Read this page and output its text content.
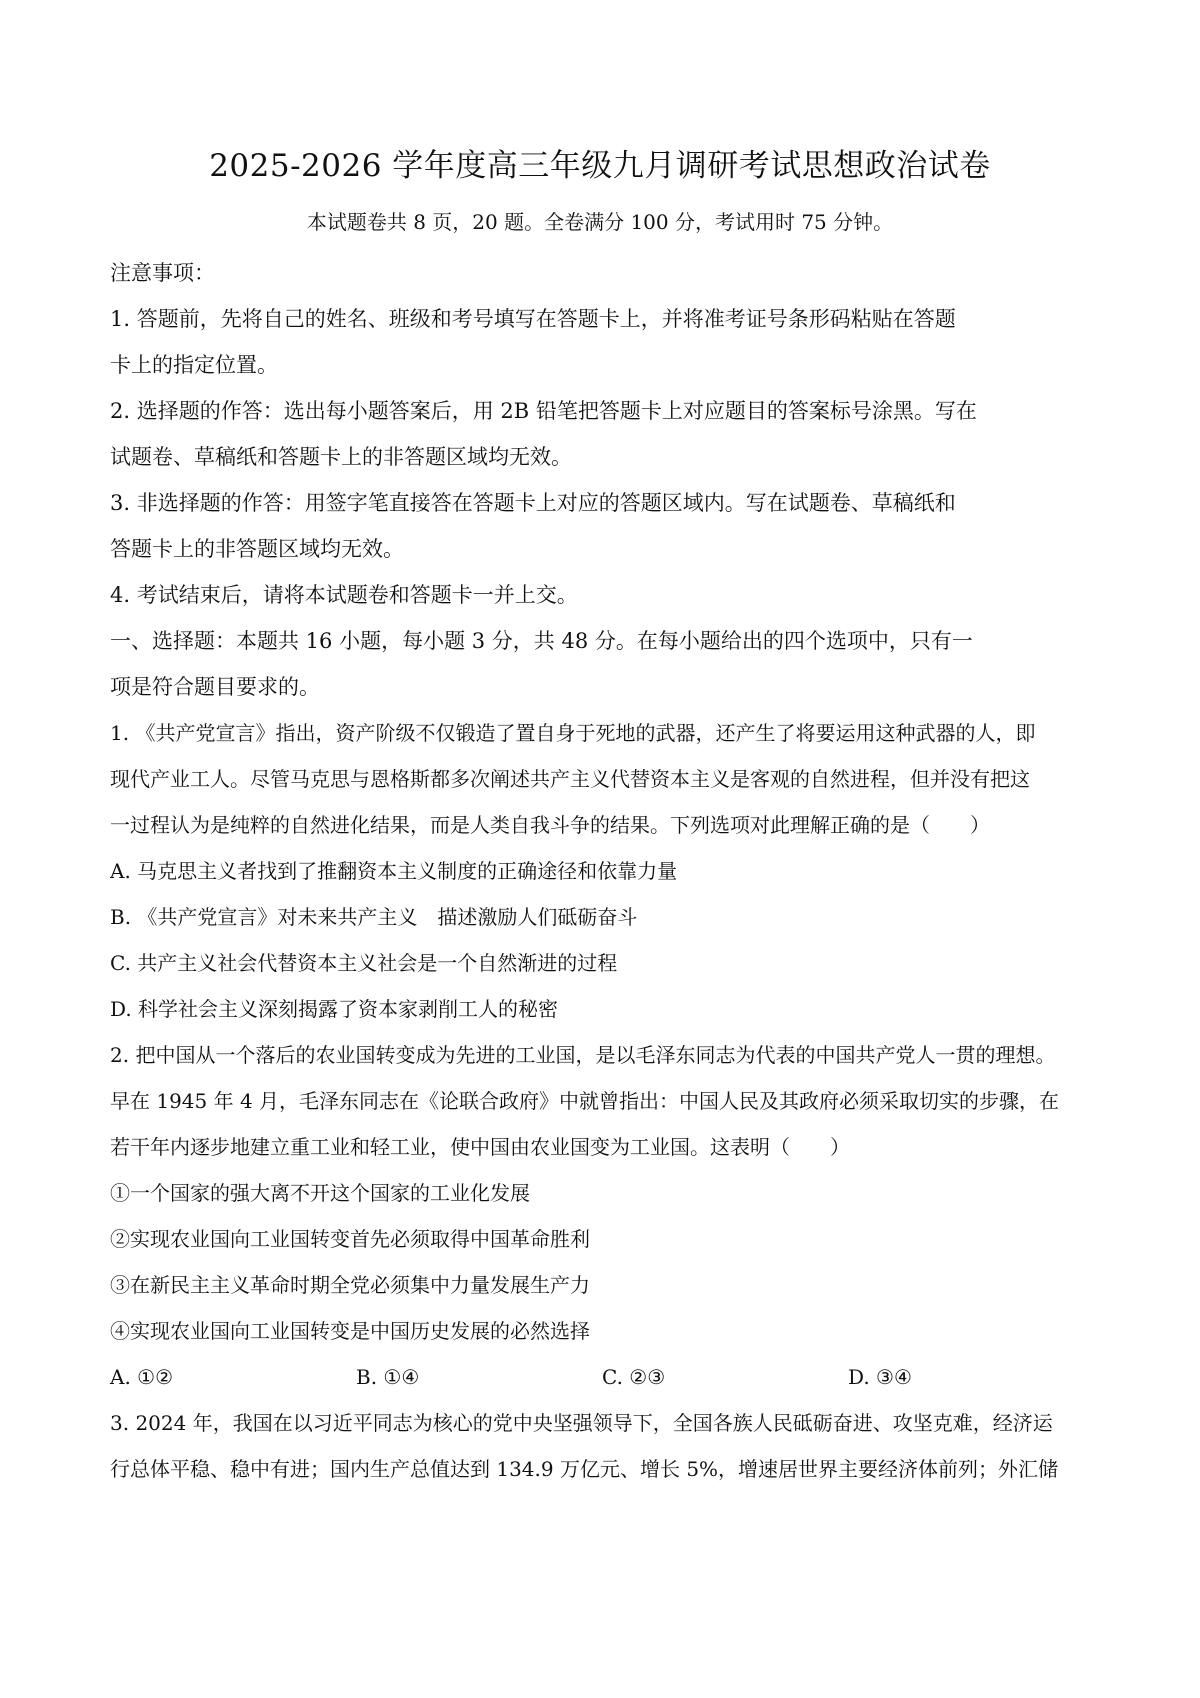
2025-2026 学年度高三年级九月调研考试思想政治试卷
本试题卷共 8 页，20 题。全卷满分 100 分，考试用时 75 分钟。
注意事项：
1. 答题前，先将自己的姓名、班级和考号填写在答题卡上，并将准考证号条形码粘贴在答题
卡上的指定位置。
2. 选择题的作答：选出每小题答案后，用 2B 铅笔把答题卡上对应题目的答案标号涂黑。写在
试题卷、草稿纸和答题卡上的非答题区域均无效。
3. 非选择题的作答：用签字笔直接答在答题卡上对应的答题区域内。写在试题卷、草稿纸和
答题卡上的非答题区域均无效。
4. 考试结束后，请将本试题卷和答题卡一并上交。
一、选择题：本题共 16 小题，每小题 3 分，共 48 分。在每小题给出的四个选项中，只有一
项是符合题目要求的。
1. 《共产党宣言》指出，资产阶级不仅锻造了置自身于死地的武器，还产生了将要运用这种武器的人，即
现代产业工人。尽管马克思与恩格斯都多次阐述共产主义代替资本主义是客观的自然进程，但并没有把这
一过程认为是纯粹的自然进化结果，而是人类自我斗争的结果。下列选项对此理解正确的是（　　）
A. 马克思主义者找到了推翻资本主义制度的正确途径和依靠力量
B. 《共产党宣言》对未来共产主义　描述激励人们砥砺奋斗
C. 共产主义社会代替资本主义社会是一个自然渐进的过程
D. 科学社会主义深刻揭露了资本家剥削工人的秘密
2. 把中国从一个落后的农业国转变成为先进的工业国，是以毛泽东同志为代表的中国共产党人一贯的理想。
早在 1945 年 4 月，毛泽东同志在《论联合政府》中就曾指出：中国人民及其政府必须采取切实的步骤，在
若干年内逐步地建立重工业和轻工业，使中国由农业国变为工业国。这表明（　　）
①一个国家的强大离不开这个国家的工业化发展
②实现农业国向工业国转变首先必须取得中国革命胜利
③在新民主主义革命时期全党必须集中力量发展生产力
④实现农业国向工业国转变是中国历史发展的必然选择
A. ①②	B. ①④	C. ②③	D. ③④
3. 2024 年，我国在以习近平同志为核心的党中央坚强领导下，全国各族人民砥砺奋进、攻坚克难，经济运
行总体平稳、稳中有进；国内生产总值达到 134.9 万亿元、增长 5%，增速居世界主要经济体前列；外汇储
